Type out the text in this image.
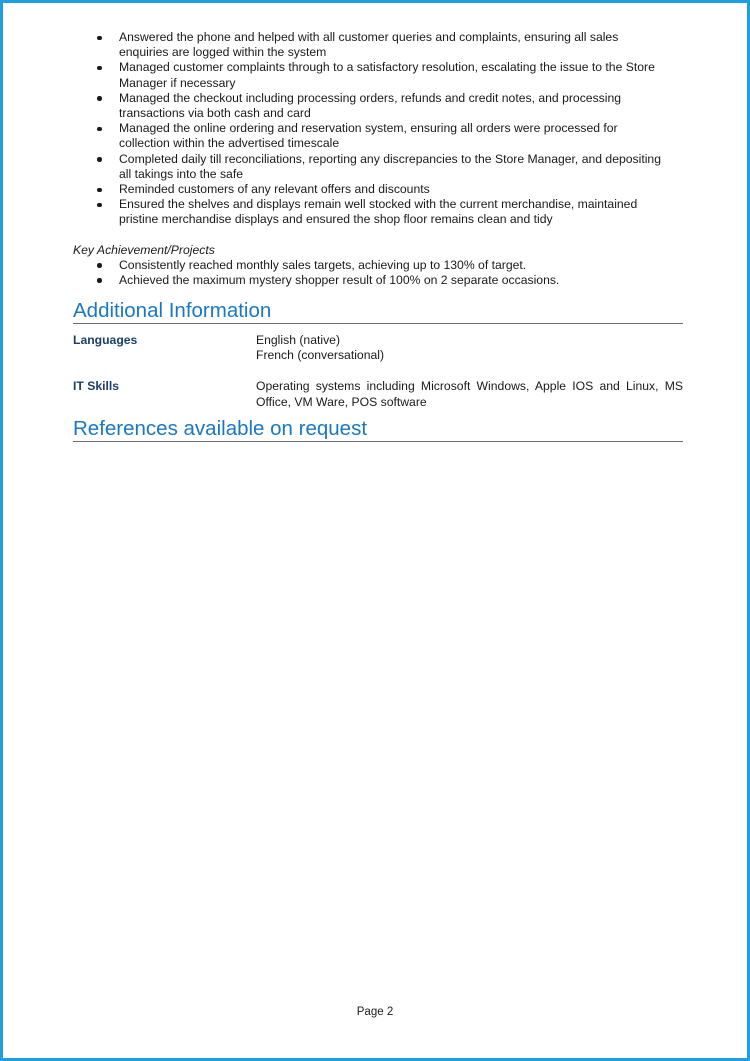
Answered the phone and helped with all customer queries and complaints, ensuring all sales
enquiries are logged within the system
Managed customer complaints through to a satisfactory resolution, escalating the issue to the Store
Manager if necessary
Managed the checkout including processing orders, refunds and credit notes, and processing
transactions via both cash and card
Managed the online ordering and reservation system, ensuring all orders were processed for
collection within the advertised timescale
Completed daily till reconciliations, reporting any discrepancies to the Store Manager, and depositing
all takings into the safe
Reminded customers of any relevant offers and discounts
Ensured the shelves and displays remain well stocked with the current merchandise, maintained
pristine merchandise displays and ensured the shop floor remains clean and tidy
Key Achievement/Projects
Consistently reached monthly sales targets, achieving up to 130% of target.
Achieved the maximum mystery shopper result of 100% on 2 separate occasions.
Additional Information
Languages	English (native)
French (conversational)
IT Skills	Operating systems including Microsoft Windows, Apple IOS and Linux, MS Office, VM Ware, POS software
References available on request
Page 2
